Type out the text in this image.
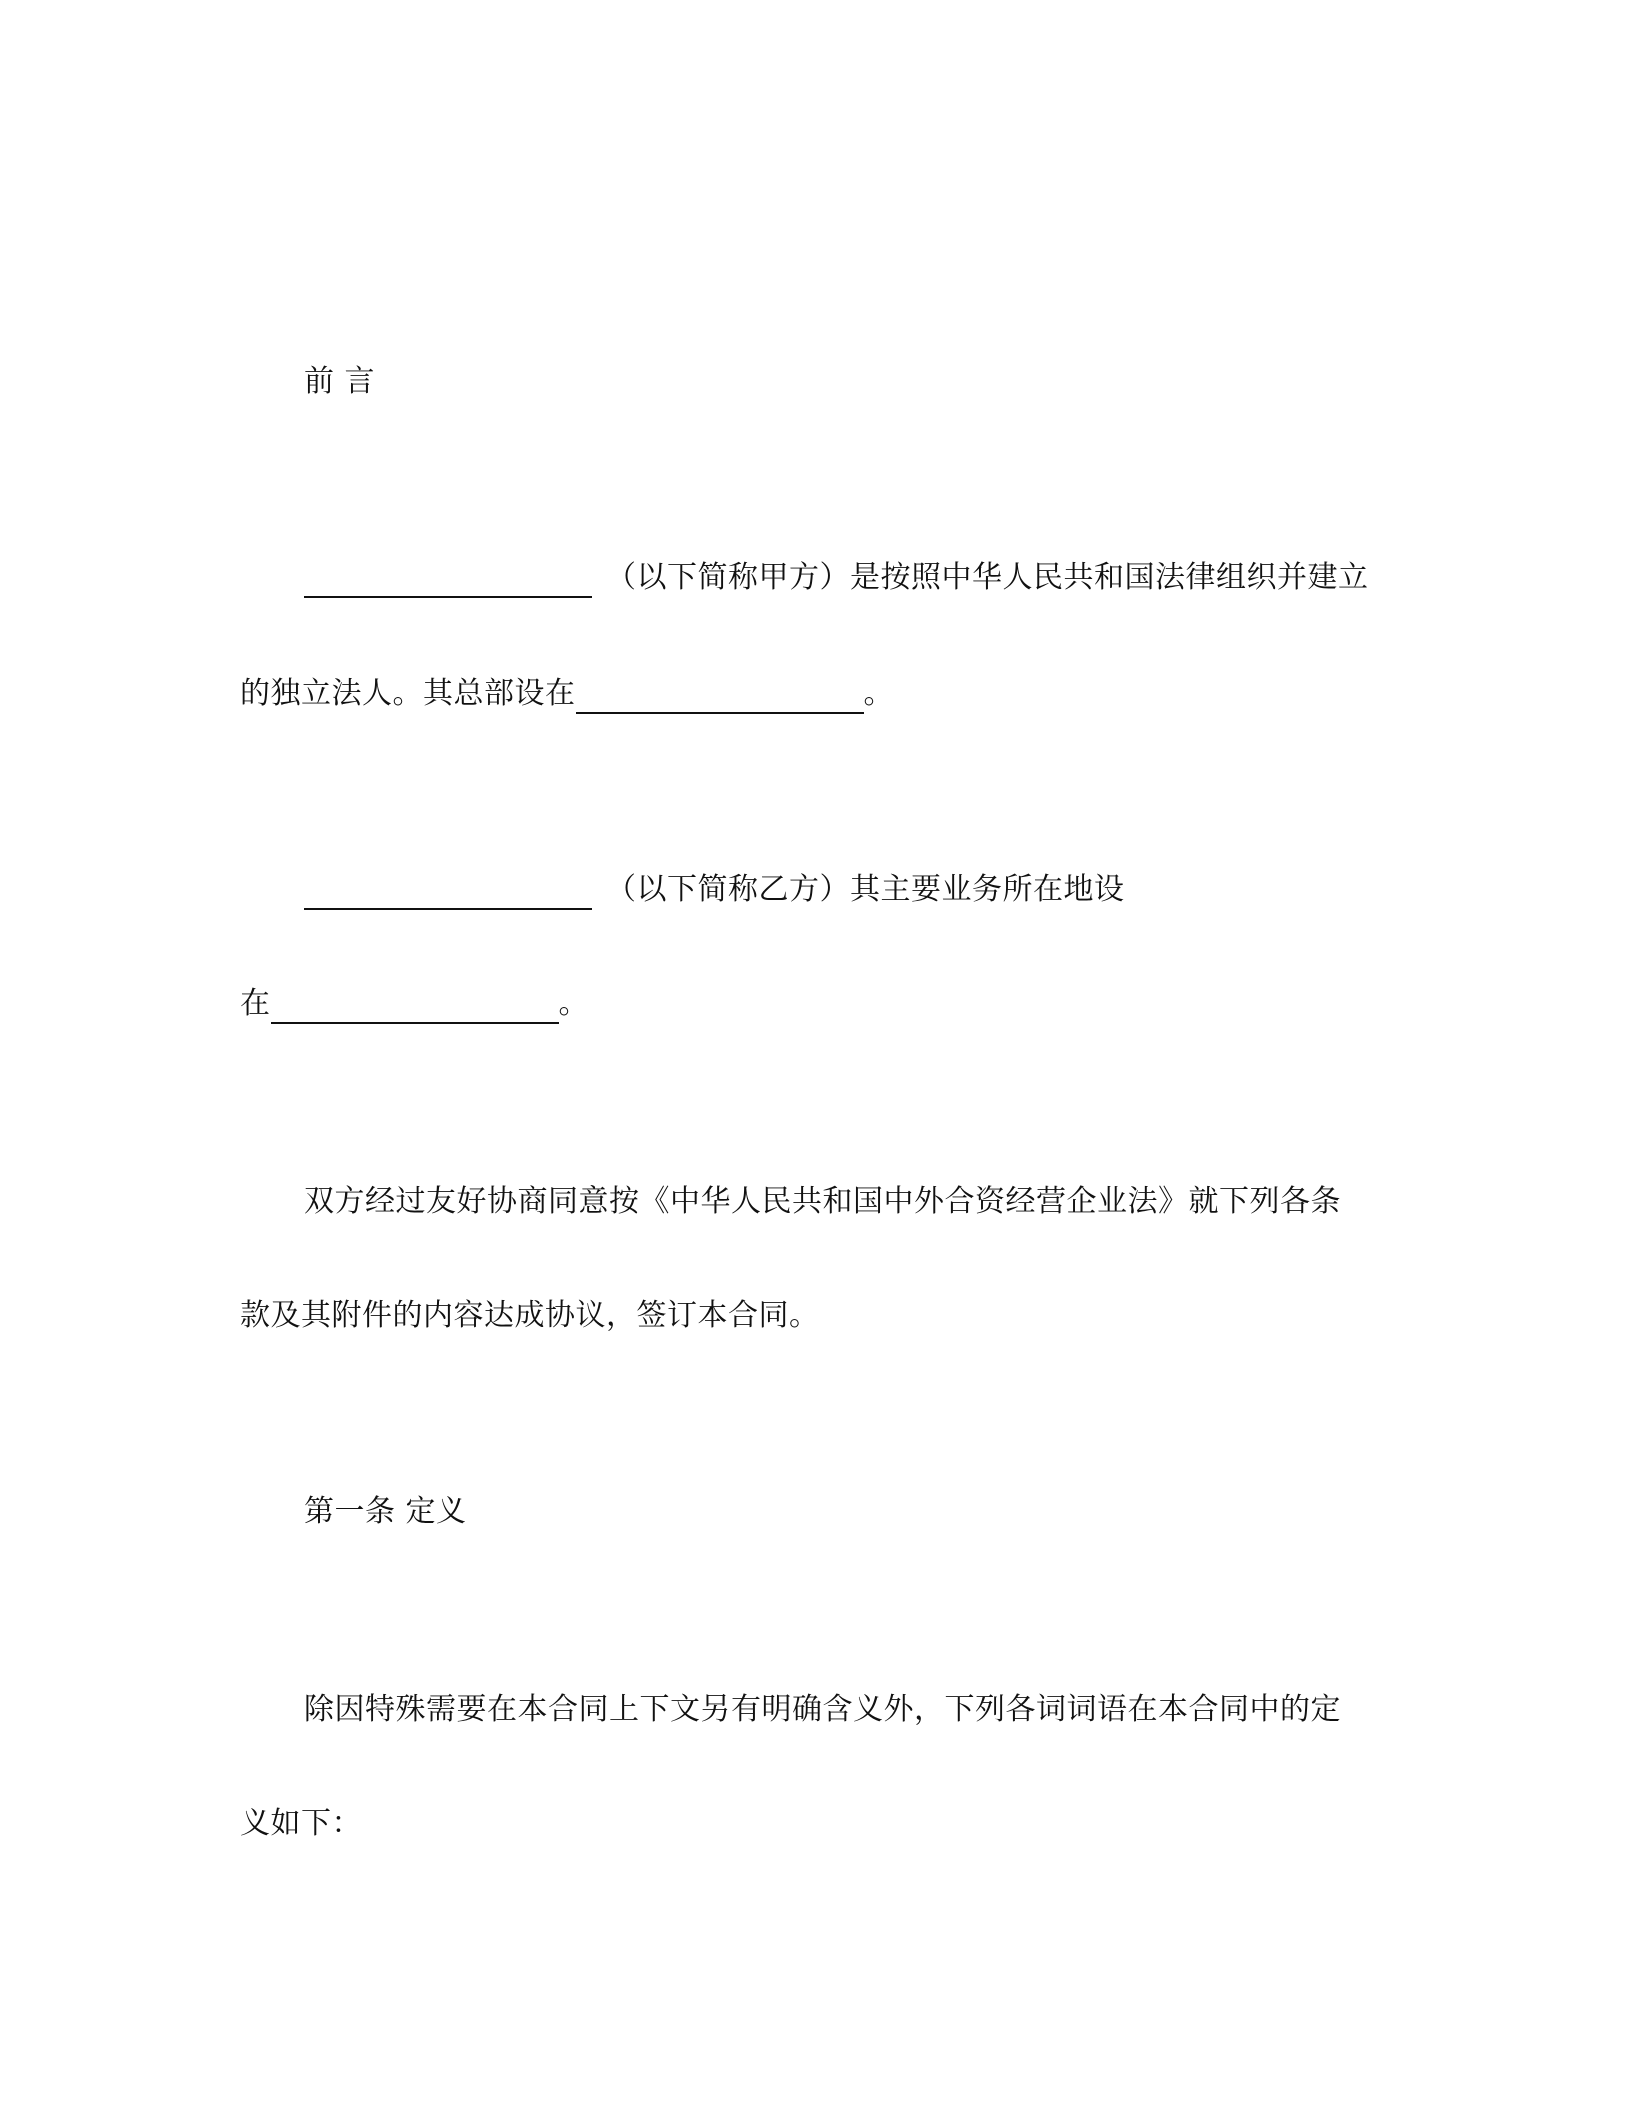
前 言
（以下简称甲方）是按照中华人民共和国法律组织并建立
的独立法人。其总部设在	。
（以下简称乙方）其主要业务所在地设
在	。
双方经过友好协商同意按《中华人民共和国中外合资经营企业法》就下列各条
款及其附件的内容达成协议，签订本合同。
第一条 定义
除因特殊需要在本合同上下文另有明确含义外，下列各词词语在本合同中的定
义如下：
